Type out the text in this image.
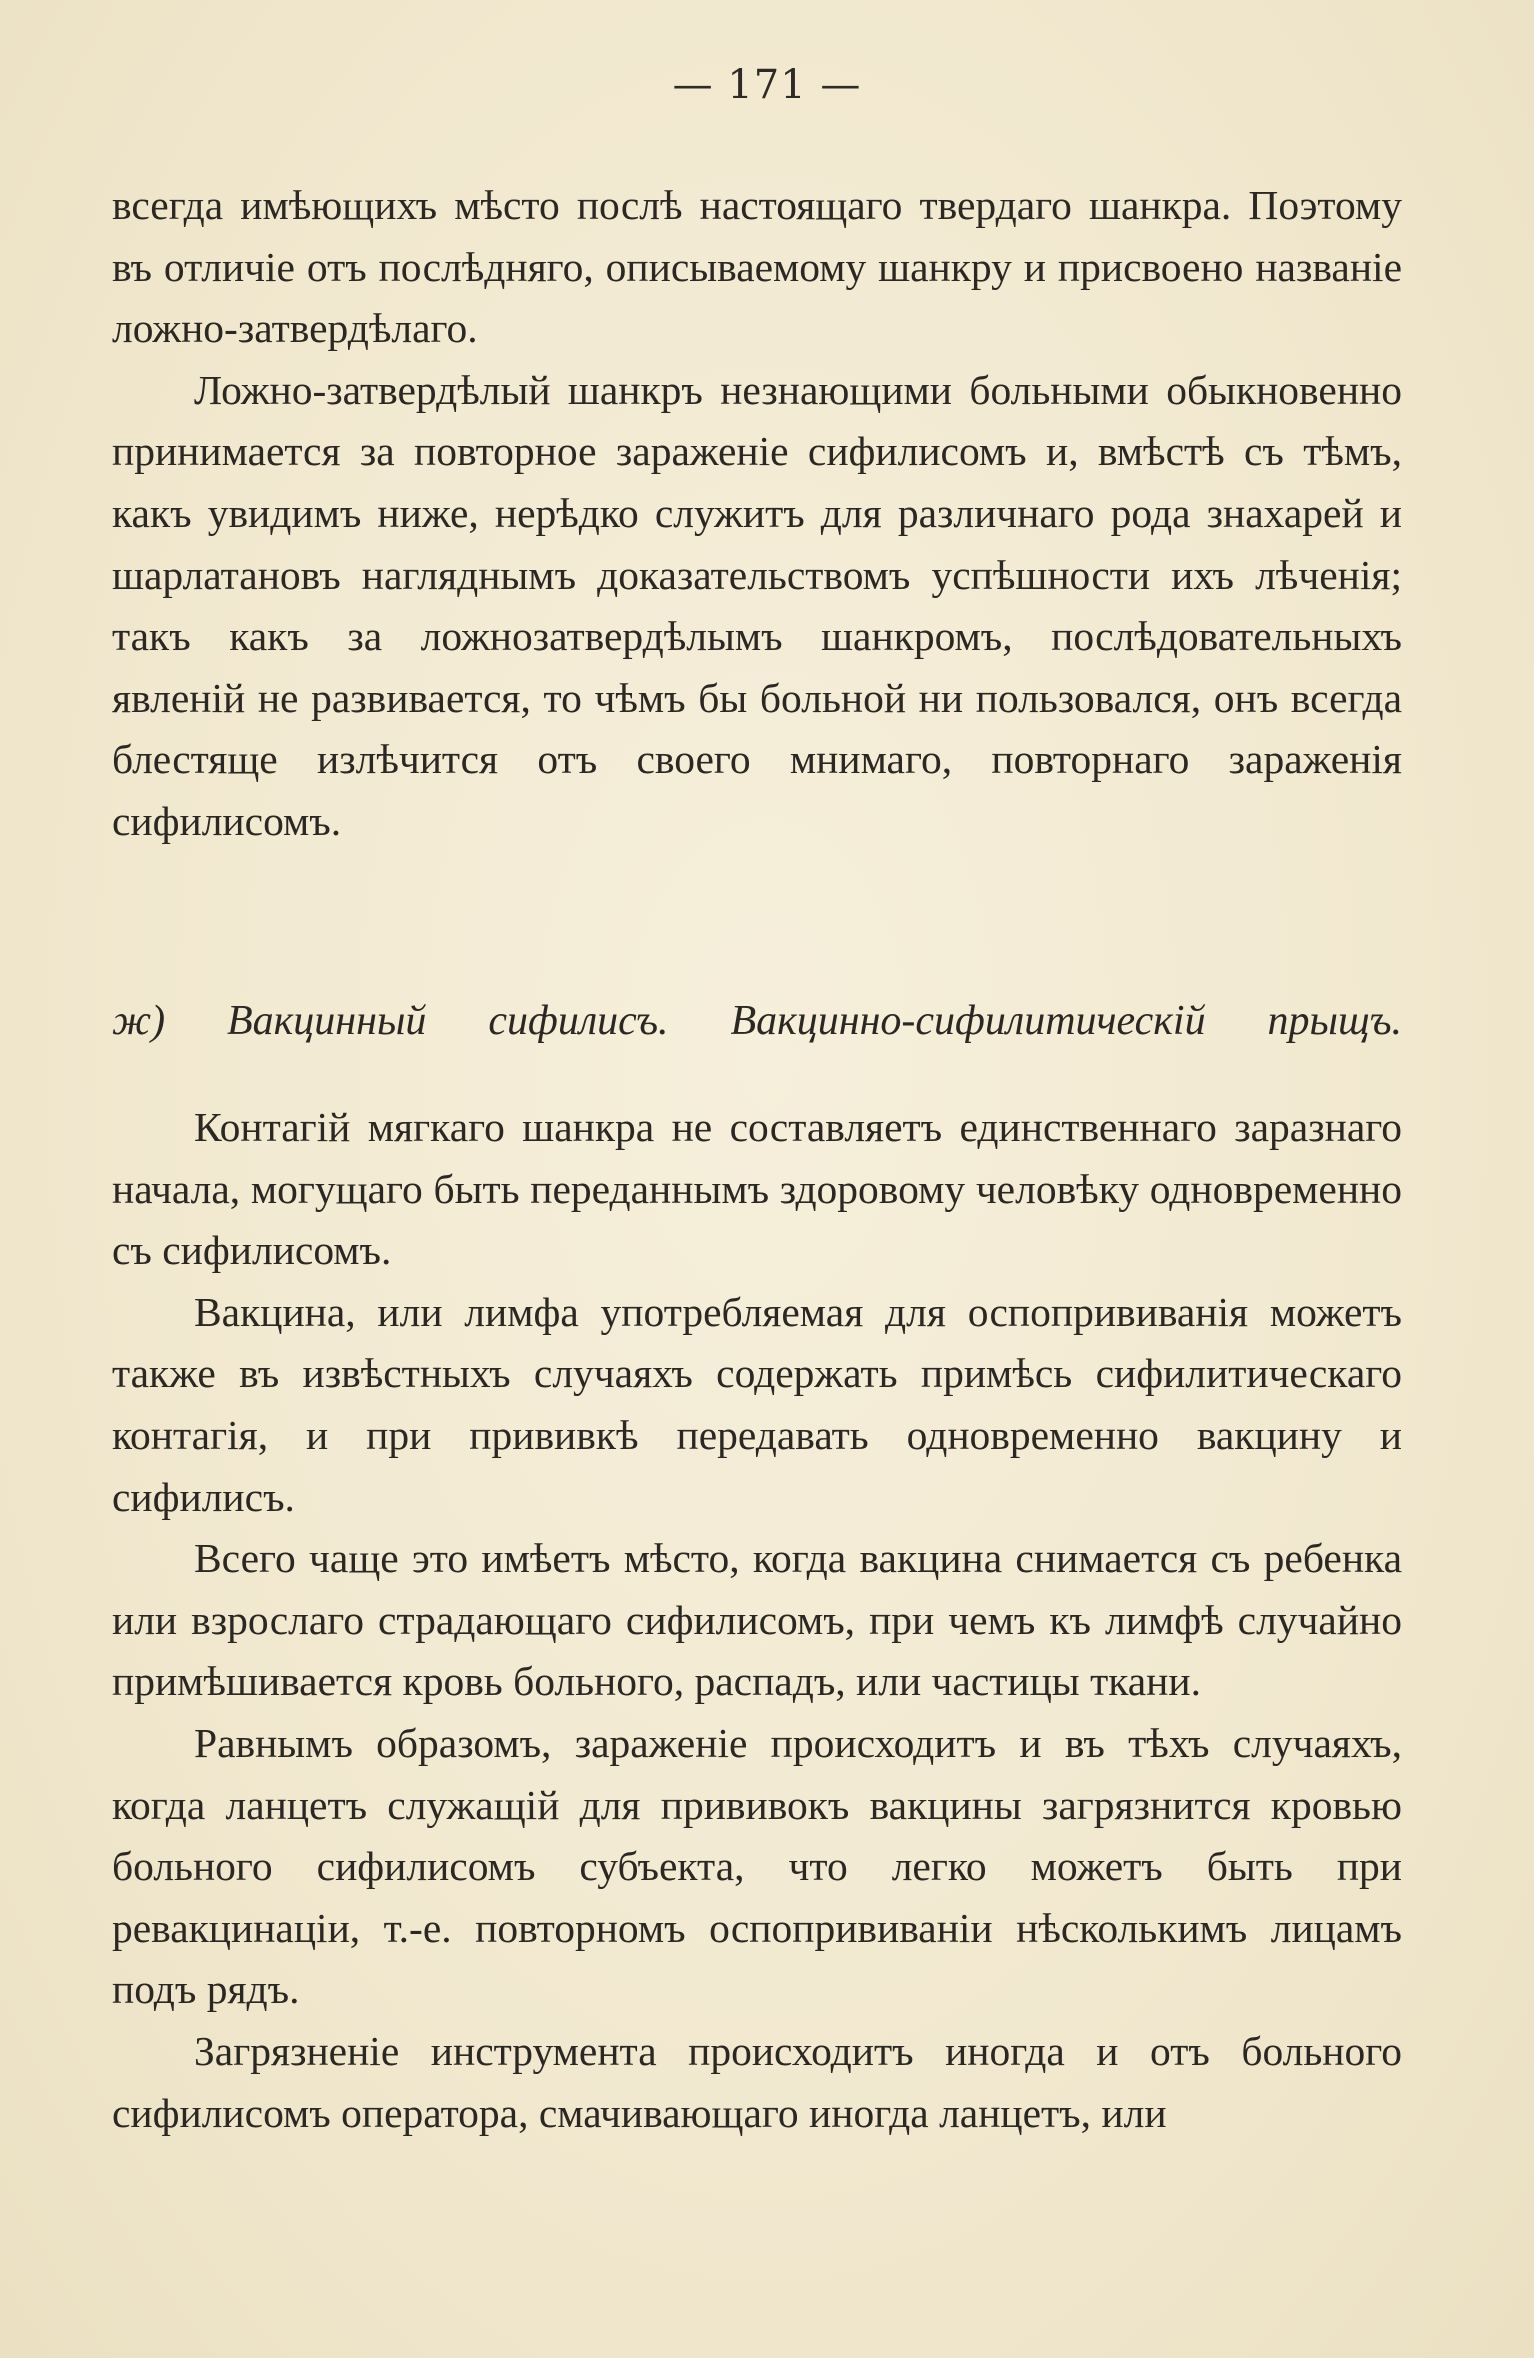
— 171 —

всегда имѣющихъ мѣсто послѣ настоящаго твердаго шанкра. Поэтому въ отличіе отъ послѣдняго, описываемому шанкру и присвоено названіе ложно-затвердѣлаго.

Ложно-затвердѣлый шанкръ незнающими больными обыкновенно принимается за повторное зараженіе сифилисомъ и, вмѣстѣ съ тѣмъ, какъ увидимъ ниже, нерѣдко служитъ для различнаго рода знахарей и шарлатановъ нагляднымъ доказательствомъ успѣшности ихъ лѣченія; такъ какъ за ложнозатвердѣлымъ шанкромъ, послѣдовательныхъ явленій не развивается, то чѣмъ бы больной ни пользовался, онъ всегда блестяще излѣчится отъ своего мнимаго, повторнаго зараженія сифилисомъ.

ж) Вакцинный сифилисъ. Вакцинно-сифилитическій прыщъ.

Контагій мягкаго шанкра не составляетъ единственнаго заразнаго начала, могущаго быть переданнымъ здоровому человѣку одновременно съ сифилисомъ.

Вакцина, или лимфа употребляемая для оспопрививанія можетъ также въ извѣстныхъ случаяхъ содержать примѣсь сифилитическаго контагія, и при прививкѣ передавать одновременно вакцину и сифилисъ.

Всего чаще это имѣетъ мѣсто, когда вакцина снимается съ ребенка или взрослаго страдающаго сифилисомъ, при чемъ къ лимфѣ случайно примѣшивается кровь больного, распадъ, или частицы ткани.

Равнымъ образомъ, зараженіе происходитъ и въ тѣхъ случаяхъ, когда ланцетъ служащій для прививокъ вакцины загрязнится кровью больного сифилисомъ субъекта, что легко можетъ быть при ревакцинаціи, т.-е. повторномъ оспопрививаніи нѣсколькимъ лицамъ подъ рядъ.

Загрязненіе инструмента происходитъ иногда и отъ больного сифилисомъ оператора, смачивающаго иногда ланцетъ, или
